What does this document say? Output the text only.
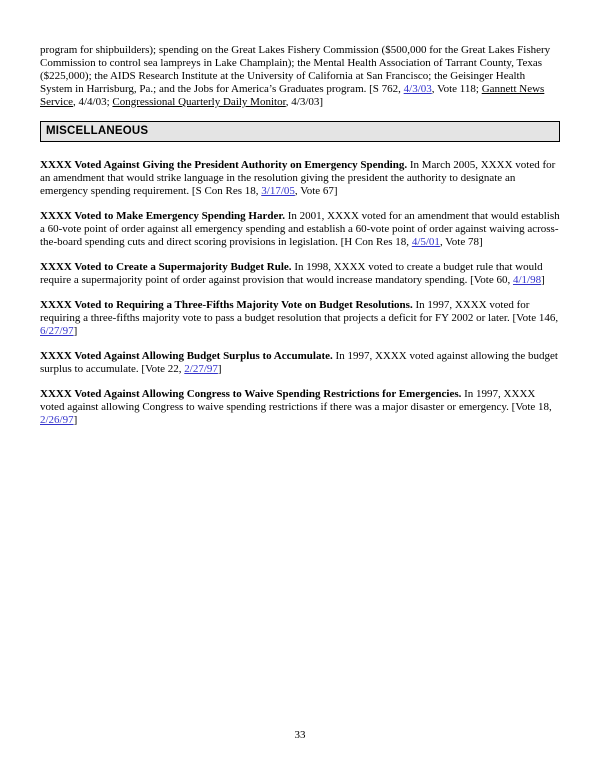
program for shipbuilders); spending on the Great Lakes Fishery Commission ($500,000 for the Great Lakes Fishery Commission to control sea lampreys in Lake Champlain); the Mental Health Association of Tarrant County, Texas ($225,000); the AIDS Research Institute at the University of California at San Francisco; the Geisinger Health System in Harrisburg, Pa.; and the Jobs for America’s Graduates program. [S 762, 4/3/03, Vote 118; Gannett News Service, 4/4/03; Congressional Quarterly Daily Monitor, 4/3/03]

MISCELLANEOUS

XXXX Voted Against Giving the President Authority on Emergency Spending. In March 2005, XXXX voted for an amendment that would strike language in the resolution giving the president the authority to designate an emergency spending requirement. [S Con Res 18, 3/17/05, Vote 67]

XXXX Voted to Make Emergency Spending Harder. In 2001, XXXX voted for an amendment that would establish a 60-vote point of order against all emergency spending and establish a 60-vote point of order against waiving across-the-board spending cuts and direct scoring provisions in legislation. [H Con Res 18, 4/5/01, Vote 78]

XXXX Voted to Create a Supermajority Budget Rule. In 1998, XXXX voted to create a budget rule that would require a supermajority point of order against provision that would increase mandatory spending. [Vote 60, 4/1/98]

XXXX Voted to Requiring a Three-Fifths Majority Vote on Budget Resolutions. In 1997, XXXX voted for requiring a three-fifths majority vote to pass a budget resolution that projects a deficit for FY 2002 or later. [Vote 146, 6/27/97]

XXXX Voted Against Allowing Budget Surplus to Accumulate. In 1997, XXXX voted against allowing the budget surplus to accumulate. [Vote 22, 2/27/97]

XXXX Voted Against Allowing Congress to Waive Spending Restrictions for Emergencies. In 1997, XXXX voted against allowing Congress to waive spending restrictions if there was a major disaster or emergency. [Vote 18, 2/26/97]

33
